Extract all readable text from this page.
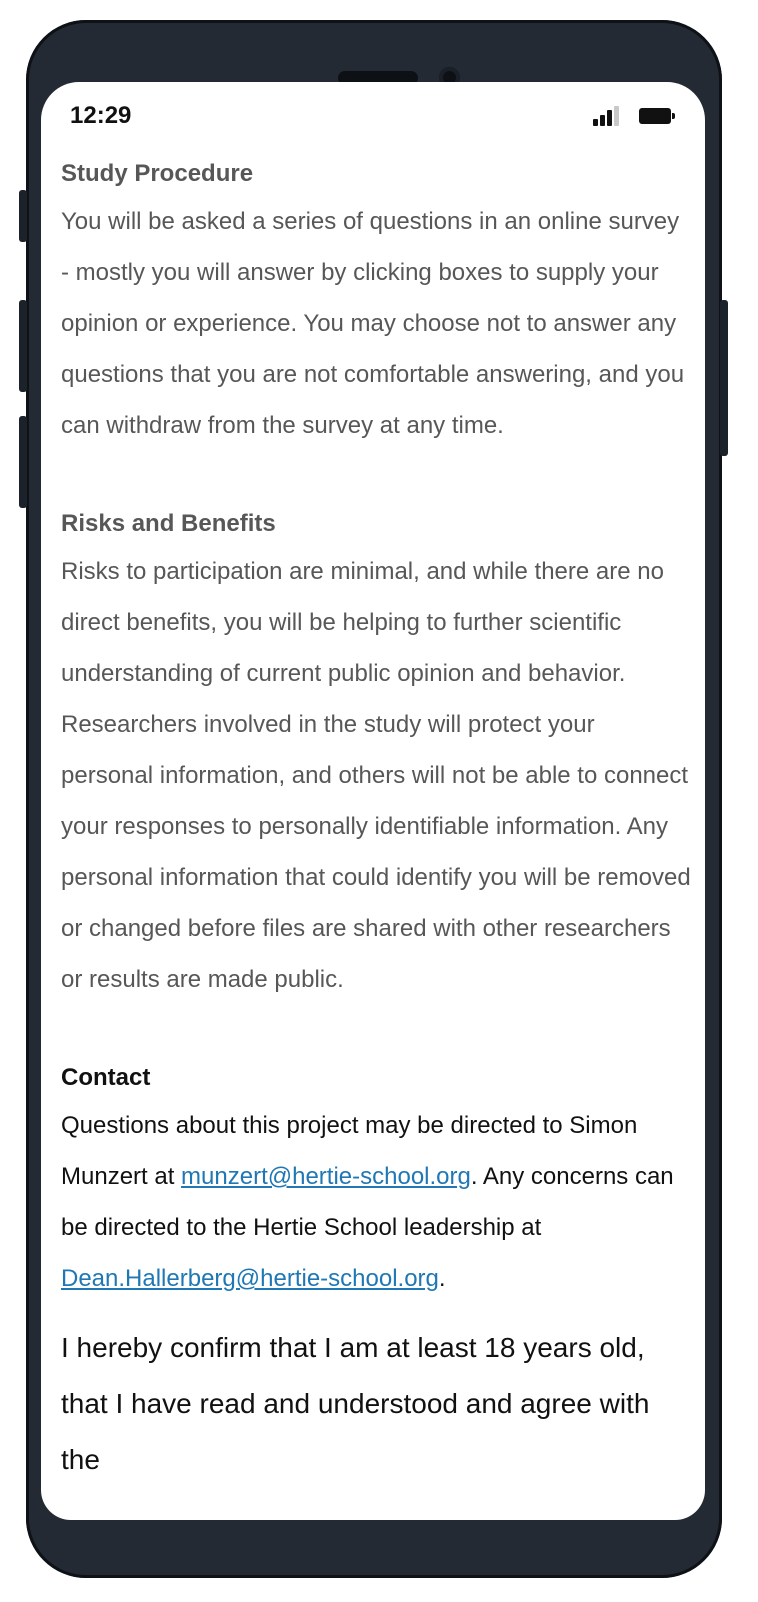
12:29

Study Procedure

You will be asked a series of questions in an online survey - mostly you will answer by clicking boxes to supply your opinion or experience. You may choose not to answer any questions that you are not comfortable answering, and you can withdraw from the survey at any time.

Risks and Benefits

Risks to participation are minimal, and while there are no direct benefits, you will be helping to further scientific understanding of current public opinion and behavior. Researchers involved in the study will protect your personal information, and others will not be able to connect your responses to personally identifiable information. Any personal information that could identify you will be removed or changed before files are shared with other researchers or results are made public.

Contact

Questions about this project may be directed to Simon Munzert at munzert@hertie-school.org. Any concerns can be directed to the Hertie School leadership at Dean.Hallerberg@hertie-school.org.

I hereby confirm that I am at least 18 years old, that I have read and understood and agree with the
